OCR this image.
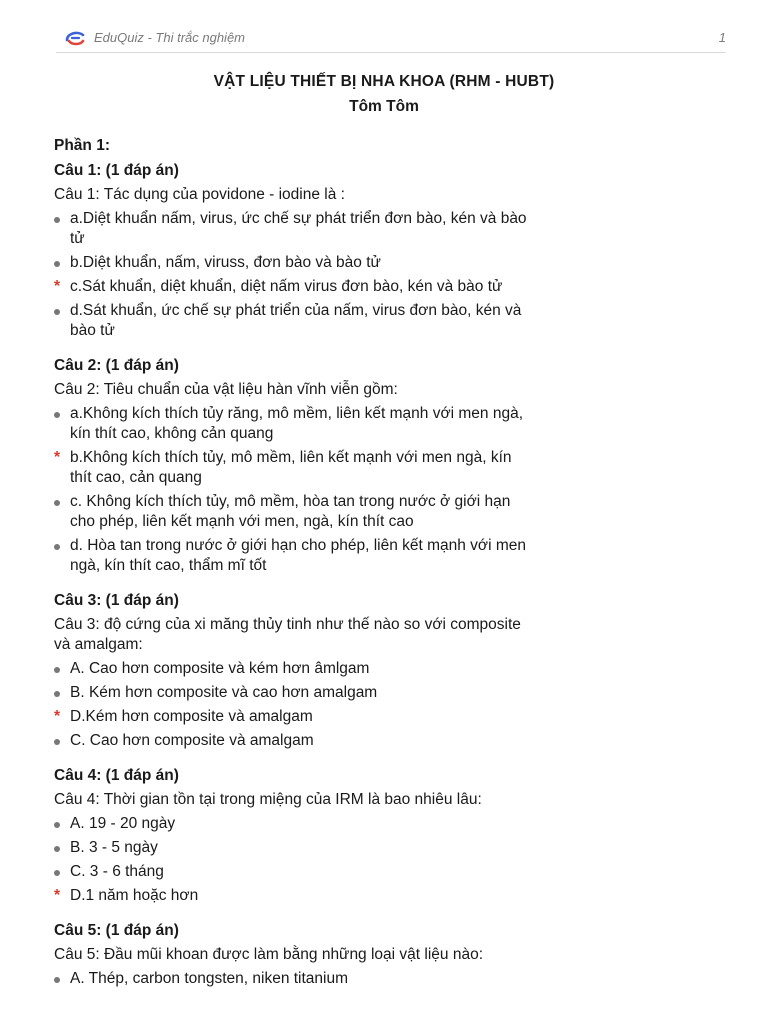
EduQuiz - Thi trắc nghiệm	1
VẬT LIỆU THIẾT BỊ NHA KHOA (RHM - HUBT)
Tôm Tôm
Phần 1:
Câu 1: (1 đáp án)
Câu 1: Tác dụng của povidone - iodine là :
a.Diệt khuẩn nấm, virus, ức chế sự phát triển đơn bào, kén và bào
tử
b.Diệt khuẩn, nấm, viruss, đơn bào và bào tử
* c.Sát khuẩn, diệt khuẩn, diệt nấm virus đơn bào, kén và bào tử
d.Sát khuẩn, ức chế sự phát triển của nấm, virus đơn bào, kén và
bào tử
Câu 2: (1 đáp án)
Câu 2: Tiêu chuẩn của vật liệu hàn vĩnh viễn gồm:
a.Không kích thích tủy răng, mô mềm, liên kết mạnh với men ngà,
kín thít cao, không cản quang
* b.Không kích thích tủy, mô mềm, liên kết mạnh với men ngà, kín
thít cao, cản quang
c. Không kích thích tủy, mô mềm, hòa tan trong nước ở giới hạn
cho phép, liên kết mạnh với men, ngà, kín thít cao
d. Hòa tan trong nước ở giới hạn cho phép, liên kết mạnh với men
ngà, kín thít cao, thẩm mĩ tốt
Câu 3: (1 đáp án)
Câu 3: độ cứng của xi măng thủy tinh như thế nào so với composite
và amalgam:
A. Cao hơn composite và kém hơn âmlgam
B. Kém hơn composite và cao hơn amalgam
* D.Kém hơn composite và amalgam
C. Cao hơn composite và amalgam
Câu 4: (1 đáp án)
Câu 4: Thời gian tồn tại trong miệng của IRM là bao nhiêu lâu:
A. 19 - 20 ngày
B. 3 - 5 ngày
C. 3 - 6 tháng
* D.1 năm hoặc hơn
Câu 5: (1 đáp án)
Câu 5: Đầu mũi khoan được làm bằng những loại vật liệu nào:
A. Thép, carbon tongsten, niken titanium
